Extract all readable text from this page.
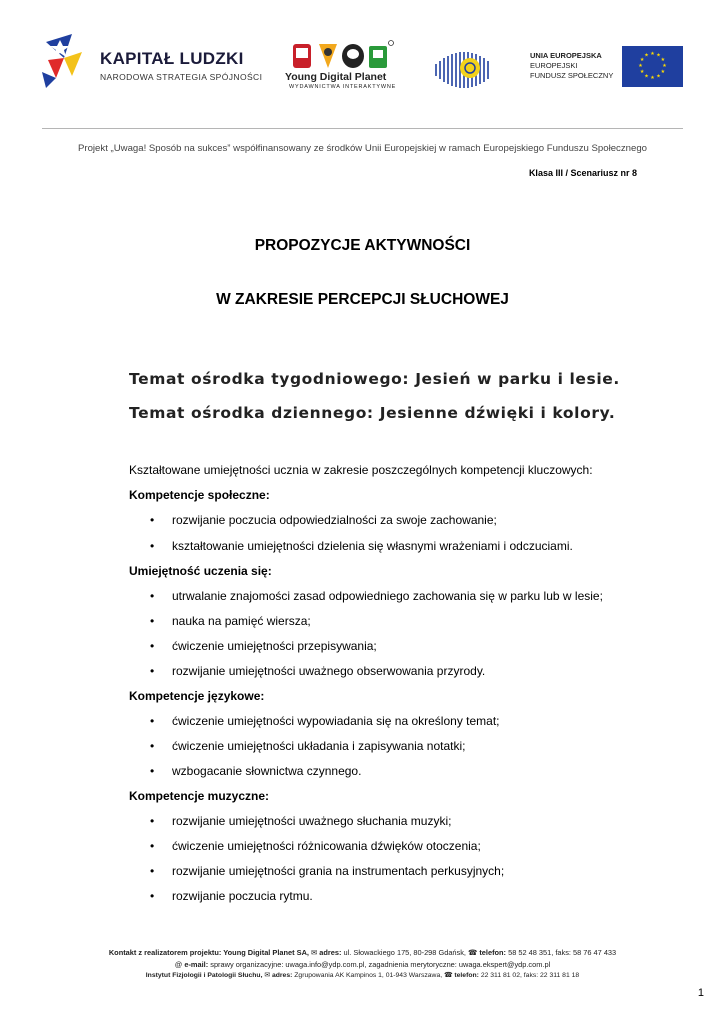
KAPITAŁ LUDZKI
NARODOWA STRATEGIA SPÓJNOŚCI Young Digital Planet
WYDAWNICTWA INTERAKTYWNE
UNIA EUROPEJSKA
EUROPEJSKI
FUNDUSZ SPOŁECZNY
★ ★
★
★
★
★
★
★
★
★
★
★
Projekt „Uwaga! Sposób na sukces” współfinansowany ze środków Unii Europejskiej w ramach Europejskiego Funduszu Społecznego
Klasa III / Scenariusz nr 8
PROPOZYCJE AKTYWNOŚCI
W ZAKRESIE PERCEPCJI SŁUCHOWEJ
Temat ośrodka tygodniowego: Jesień w parku i lesie.
Temat ośrodka dziennego: Jesienne dźwięki i kolory.
Kształtowane umiejętności ucznia w zakresie poszczególnych kompetencji kluczowych:
Kompetencje społeczne:
• rozwijanie poczucia odpowiedzialności za swoje zachowanie;
• kształtowanie umiejętności dzielenia się własnymi wrażeniami i odczuciami.
Umiejętność uczenia się:
• utrwalanie znajomości zasad odpowiedniego zachowania się w parku lub w lesie;
• nauka na pamięć wiersza;
• ćwiczenie umiejętności przepisywania;
• rozwijanie umiejętności uważnego obserwowania przyrody.
Kompetencje językowe:
• ćwiczenie umiejętności wypowiadania się na określony temat;
• ćwiczenie umiejętności układania i zapisywania notatki;
• wzbogacanie słownictwa czynnego.
Kompetencje muzyczne:
• rozwijanie umiejętności uważnego słuchania muzyki;
• ćwiczenie umiejętności różnicowania dźwięków otoczenia;
• rozwijanie umiejętności grania na instrumentach perkusyjnych;
• rozwijanie poczucia rytmu.
Kontakt z realizatorem projektu: Young Digital Planet SA, ✉ adres: ul. Słowackiego 175, 80-298 Gdańsk, ☎ telefon: 58 52 48 351, faks: 58 76 47 433
@ e-mail: sprawy organizacyjne: uwaga.info@ydp.com.pl, zagadnienia merytoryczne: uwaga.ekspert@ydp.com.pl
Instytut Fizjologii i Patologii Słuchu, ✉ adres: Zgrupowania AK Kampinos 1, 01-943 Warszawa, ☎ telefon: 22 311 81 02, faks: 22 311 81 18
1
